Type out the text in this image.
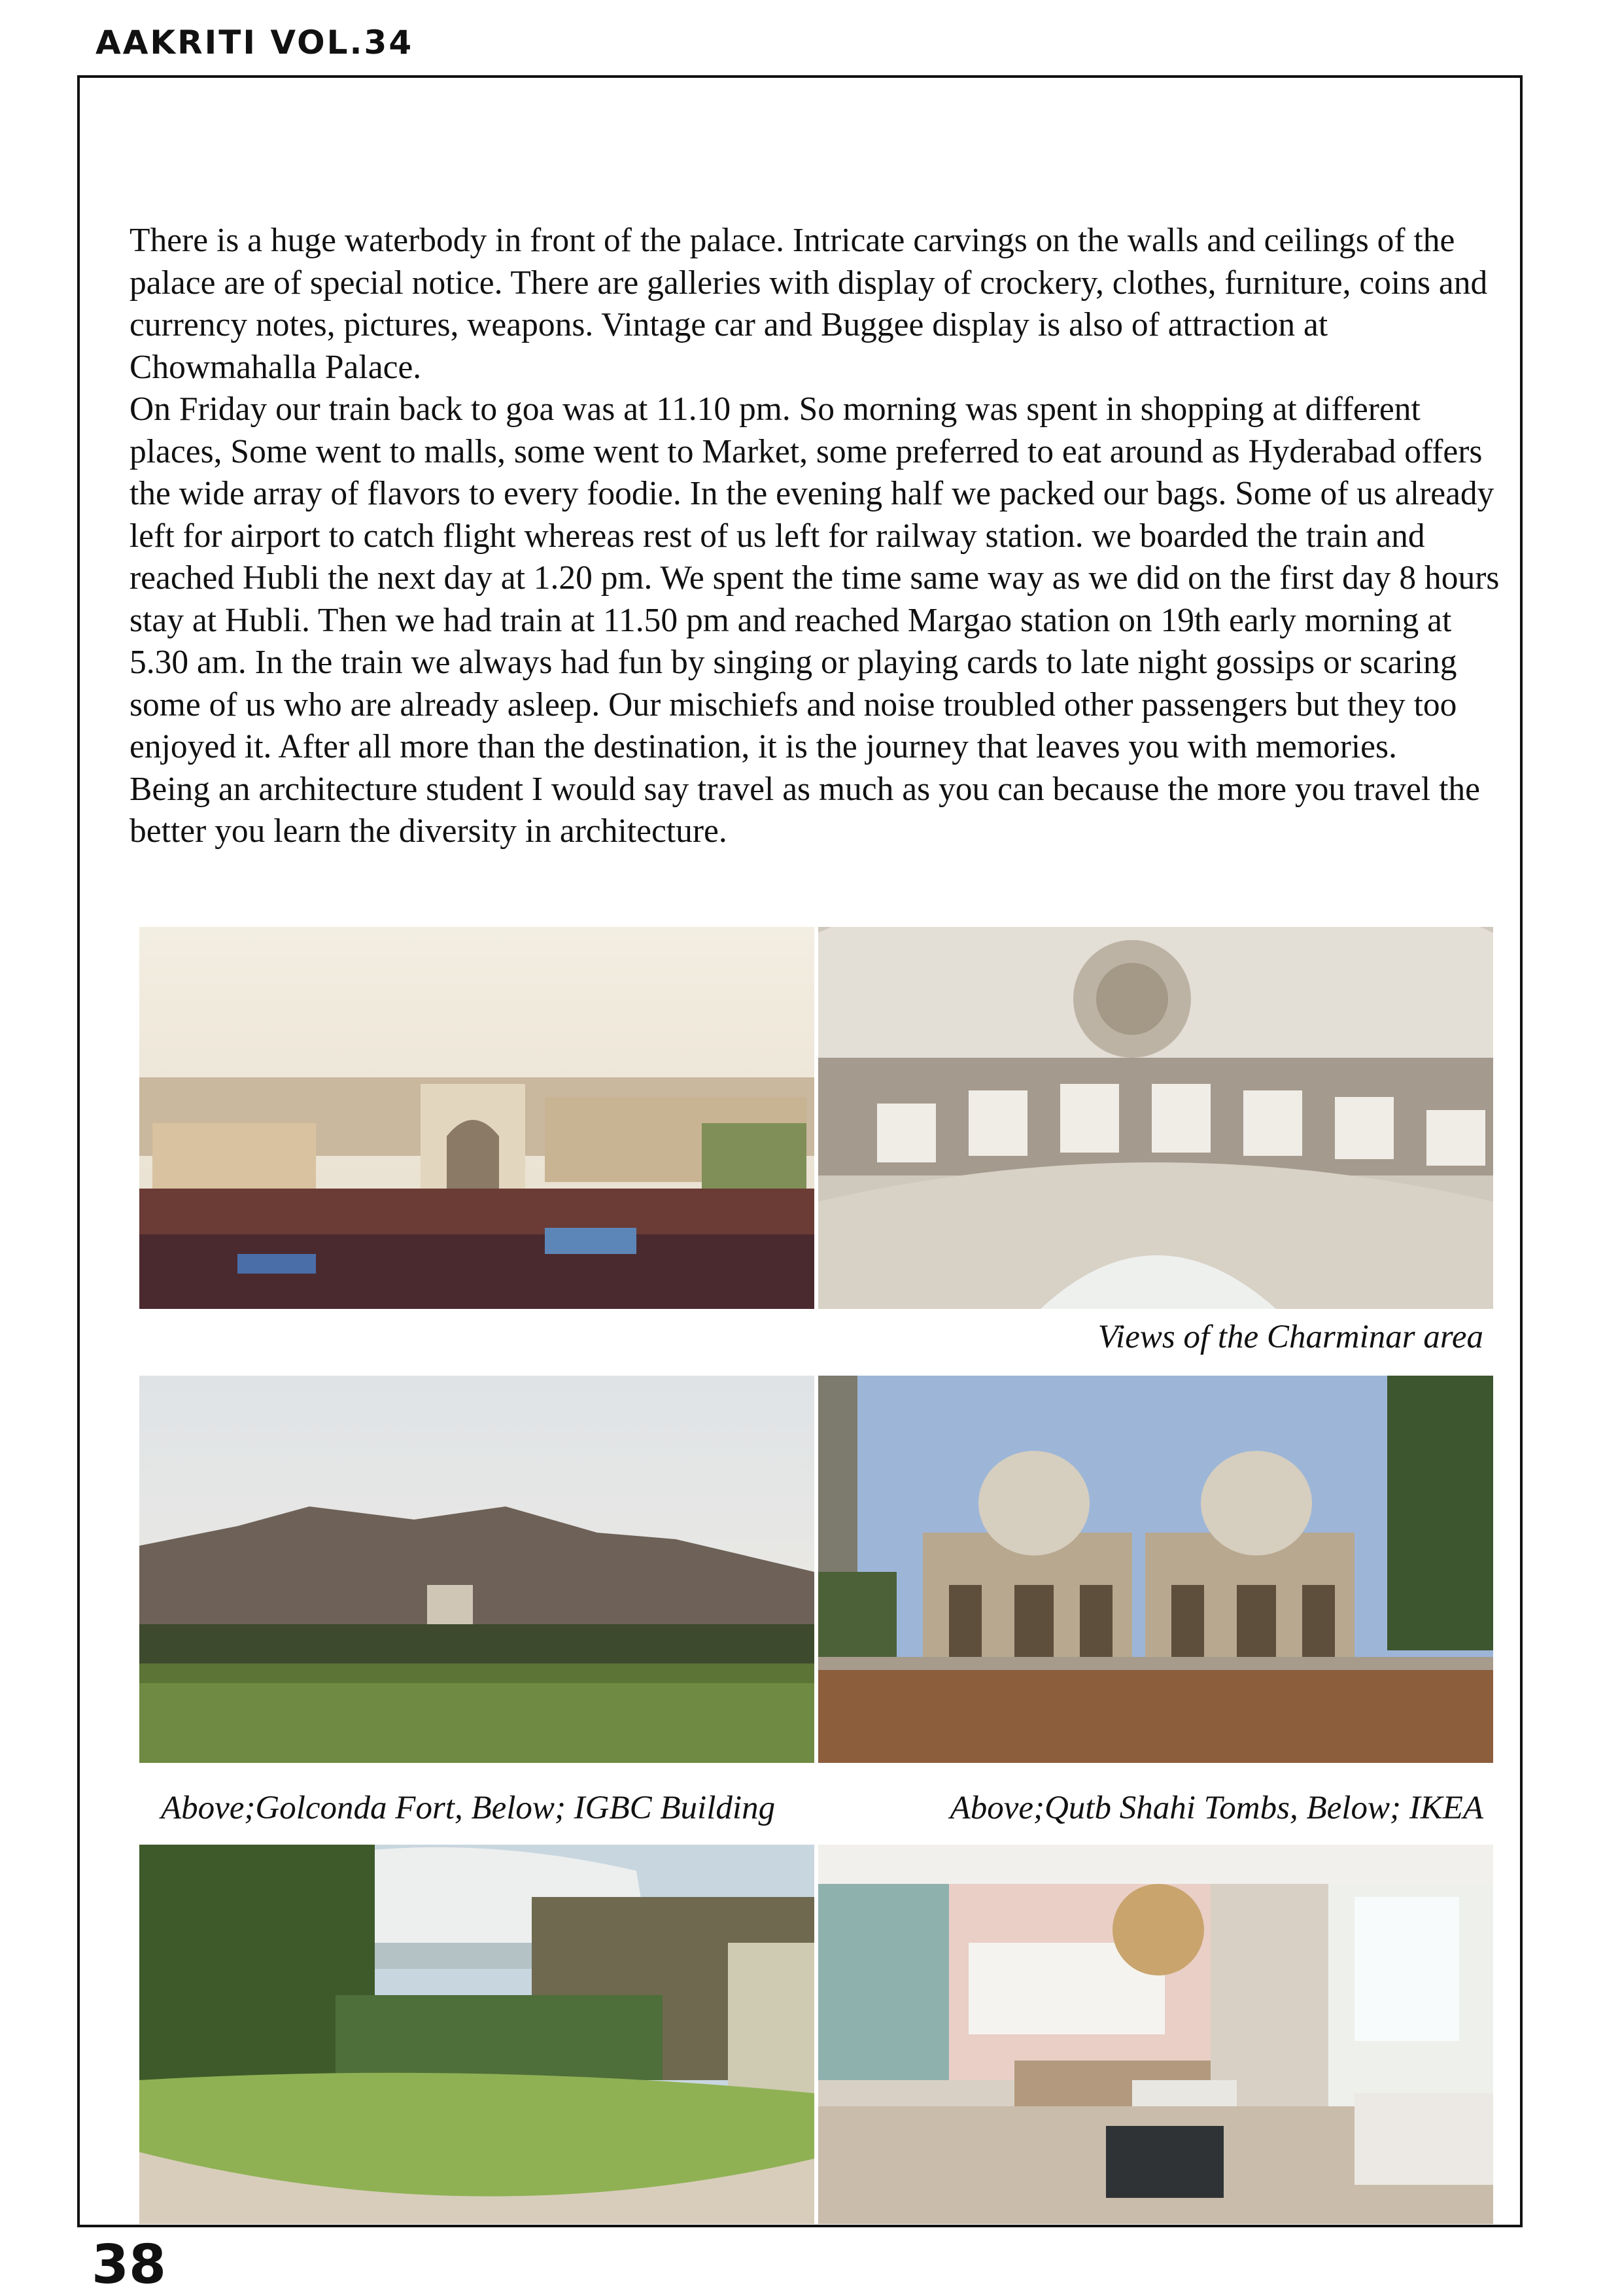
AAKRITI VOL.34

There is a huge waterbody in front of the palace. Intricate carvings on the walls and ceilings of the palace are of special notice. There are galleries with display of crockery, clothes, furniture, coins and currency notes, pictures, weapons. Vintage car and Buggee display is also of attraction at Chowmahalla Palace.

On Friday our train back to goa was at 11.10 pm. So morning was spent in shopping at different places, Some went to malls, some went to Market, some preferred to eat around as Hyderabad offers the wide array of flavors to every foodie. In the evening half we packed our bags. Some of us already left for airport to catch flight whereas rest of us left for railway station. we boarded the train and reached Hubli the next day at 1.20 pm. We spent the time same way as we did on the first day 8 hours stay at Hubli. Then we had train at 11.50 pm and reached Margao station on 19th early morning at 5.30 am. In the train we always had fun by singing or playing cards to late night gossips or scaring some of us who are already asleep. Our mischiefs and noise troubled other passengers but they too enjoyed it. After all more than the destination, it is the journey that leaves you with memories.

Being an architecture student I would say travel as much as you can because the more you travel the better you learn the diversity in architecture.

Views of the Charminar area
Above;Golconda Fort, Below; IGBC Building	Above;Qutb Shahi Tombs, Below; IKEA
38
